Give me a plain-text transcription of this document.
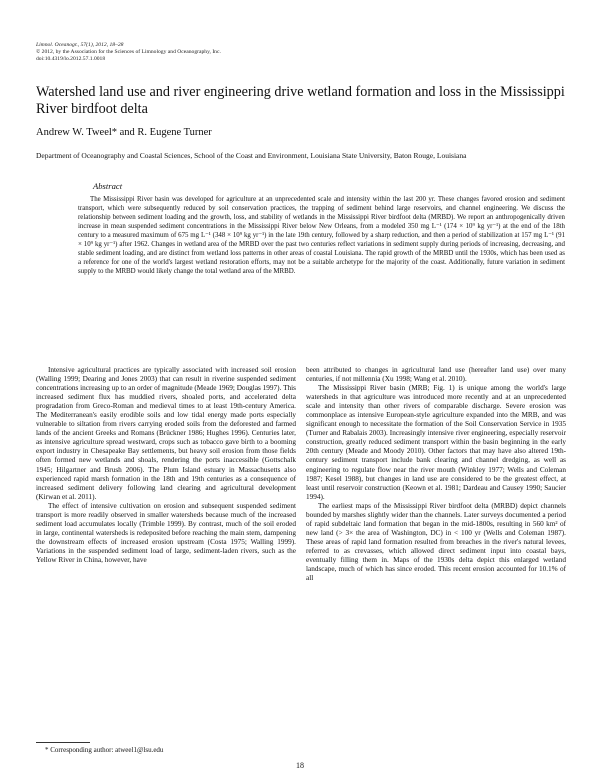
Limnol. Oceanogr., 57(1), 2012, 18–28
© 2012, by the Association for the Sciences of Limnology and Oceanography, Inc.
doi:10.4319/lo.2012.57.1.0018
Watershed land use and river engineering drive wetland formation and loss in the Mississippi River birdfoot delta
Andrew W. Tweel* and R. Eugene Turner
Department of Oceanography and Coastal Sciences, School of the Coast and Environment, Louisiana State University, Baton Rouge, Louisiana
Abstract

The Mississippi River basin was developed for agriculture at an unprecedented scale and intensity within the last 200 yr. These changes favored erosion and sediment transport, which were subsequently reduced by soil conservation practices, the trapping of sediment behind large reservoirs, and channel engineering. We discuss the relationship between sediment loading and the growth, loss, and stability of wetlands in the Mississippi River birdfoot delta (MRBD). We report an anthropogenically driven increase in mean suspended sediment concentrations in the Mississippi River below New Orleans, from a modeled 350 mg L⁻¹ (174 × 10⁹ kg yr⁻¹) at the end of the 18th century to a measured maximum of 675 mg L⁻¹ (348 × 10⁹ kg yr⁻¹) in the late 19th century, followed by a sharp reduction, and then a period of stabilization at 157 mg L⁻¹ (91 × 10⁹ kg yr⁻¹) after 1962. Changes in wetland area of the MRBD over the past two centuries reflect variations in sediment supply during periods of increasing, decreasing, and stable sediment loading, and are distinct from wetland loss patterns in other areas of coastal Louisiana. The rapid growth of the MRBD until the 1930s, which has been used as a reference for one of the world's largest wetland restoration efforts, may not be a suitable archetype for the majority of the coast. Additionally, future variation in sediment supply to the MRBD would likely change the total wetland area of the MRBD.

Intensive agricultural practices are typically associated with increased soil erosion (Walling 1999; Dearing and Jones 2003) that can result in riverine suspended sediment concentrations increasing up to an order of magnitude (Meade 1969; Douglas 1997). This increased sediment flux has muddied rivers, shoaled ports, and accelerated delta progradation from Greco-Roman and medieval times to at least 19th-century America. The Mediterranean's easily erodible soils and low tidal energy made ports especially vulnerable to siltation from rivers carrying eroded soils from the deforested and farmed lands of the ancient Greeks and Romans (Brückner 1986; Hughes 1996). Centuries later, as intensive agriculture spread westward, crops such as tobacco gave birth to a booming export industry in Chesapeake Bay settlements, but heavy soil erosion from those fields often formed new wetlands and shoals, rendering the ports inaccessible (Gottschalk 1945; Hilgartner and Brush 2006). The Plum Island estuary in Massachusetts also experienced rapid marsh formation in the 18th and 19th centuries as a consequence of increased sediment delivery following land clearing and agricultural development (Kirwan et al. 2011).

The effect of intensive cultivation on erosion and subsequent suspended sediment transport is more readily observed in smaller watersheds because much of the increased sediment load accumulates locally (Trimble 1999). By contrast, much of the soil eroded in large, continental watersheds is redeposited before reaching the main stem, dampening the downstream effects of increased erosion upstream (Costa 1975; Walling 1999). Variations in the suspended sediment load of large, sediment-laden rivers, such as the Yellow River in China, however, have

been attributed to changes in agricultural land use (hereafter land use) over many centuries, if not millennia (Xu 1998; Wang et al. 2010).

The Mississippi River basin (MRB; Fig. 1) is unique among the world's large watersheds in that agriculture was introduced more recently and at an unprecedented scale and intensity than other rivers of comparable discharge. Severe erosion was commonplace as intensive European-style agriculture expanded into the MRB, and was significant enough to necessitate the formation of the Soil Conservation Service in 1935 (Turner and Rabalais 2003). Increasingly intensive river engineering, especially reservoir construction, greatly reduced sediment transport within the basin beginning in the early 20th century (Meade and Moody 2010). Other factors that may have also altered 19th-century sediment transport include bank clearing and channel dredging, as well as engineering to regulate flow near the river mouth (Winkley 1977; Wells and Coleman 1987; Kesel 1988), but changes in land use are considered to be the greatest effect, at least until reservoir construction (Keown et al. 1981; Dardeau and Causey 1990; Saucier 1994).

The earliest maps of the Mississippi River birdfoot delta (MRBD) depict channels bounded by marshes slightly wider than the channels. Later surveys documented a period of rapid subdeltaic land formation that began in the mid-1800s, resulting in 560 km² of new land (> 3× the area of Washington, DC) in < 100 yr (Wells and Coleman 1987). These areas of rapid land formation resulted from breaches in the river's natural levees, referred to as crevasses, which allowed direct sediment input into coastal bays, eventually filling them in. Maps of the 1930s delta depict this enlarged wetland landscape, much of which has since eroded. This recent erosion accounted for 10.1% of all

* Corresponding author: atweel1@lsu.edu
18
